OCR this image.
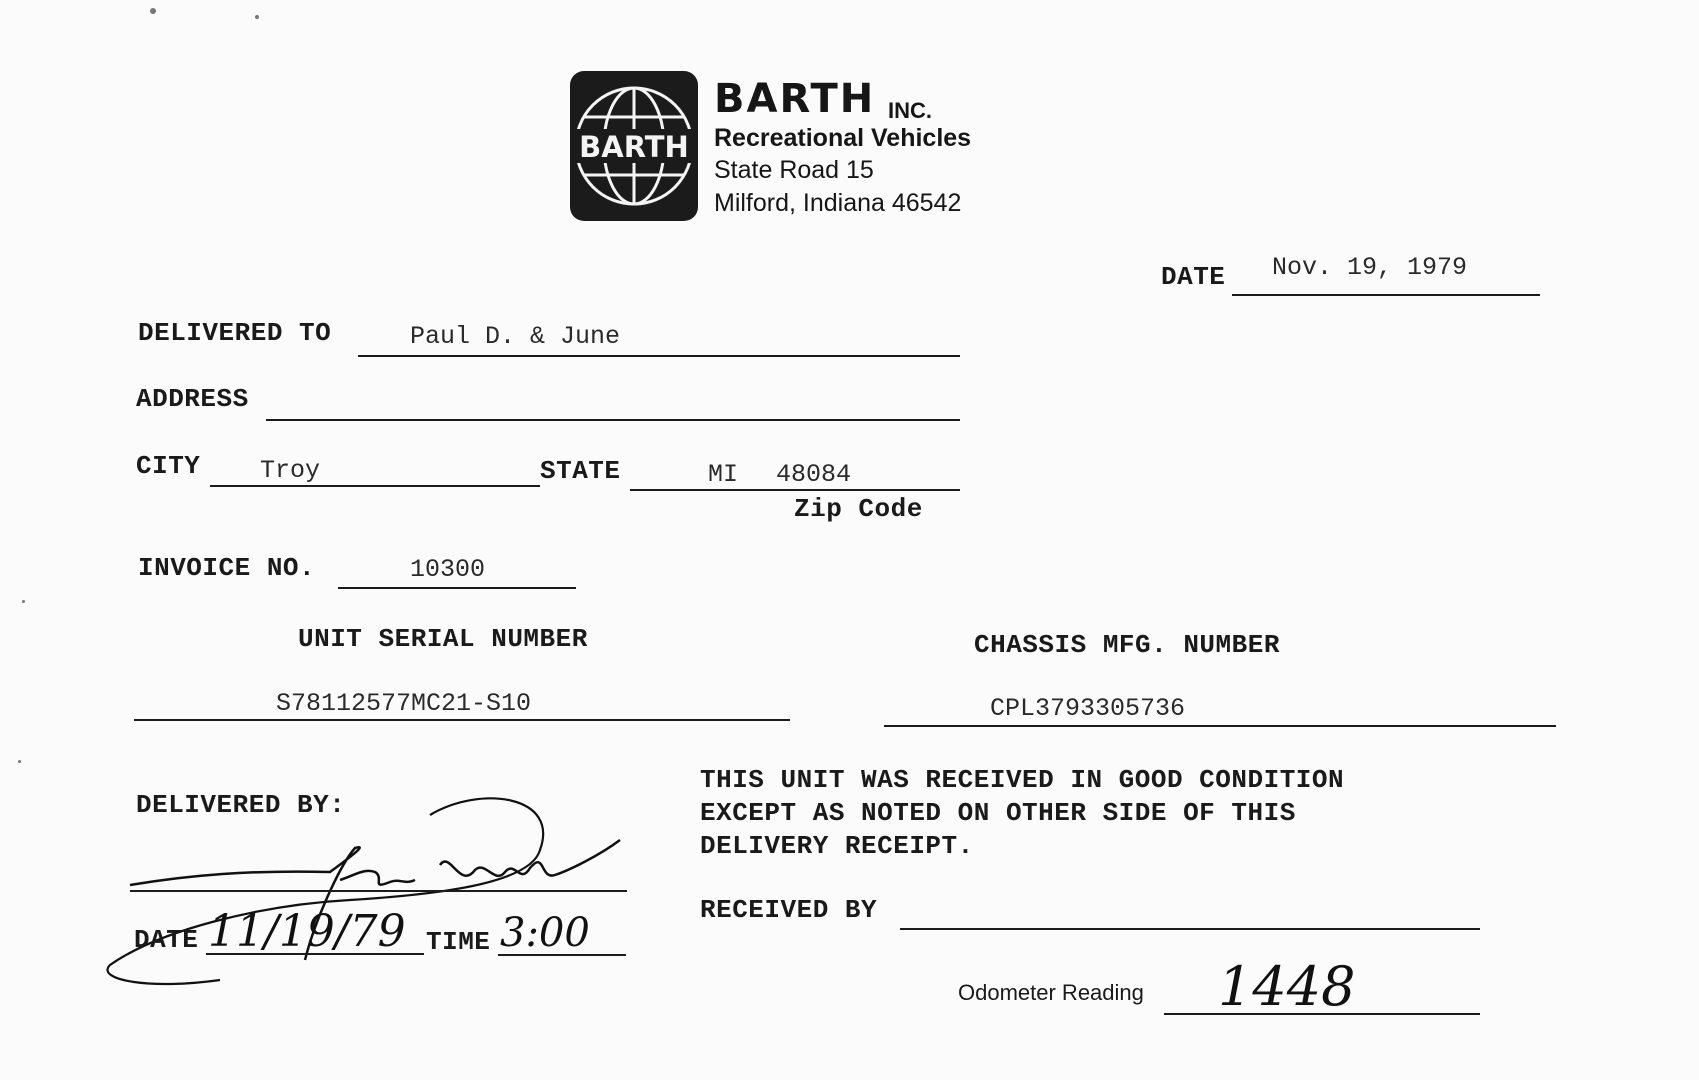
BARTH
BARTH INC.
Recreational Vehicles
State Road 15
Milford, Indiana 46542
DATE Nov. 19, 1979
DELIVERED TO	Paul D. & June
ADDRESS
CITY Troy	STATE	MI 48084
Zip Code
INVOICE NO.	10300
UNIT SERIAL NUMBER
S78112577MC21-S10
CHASSIS MFG. NUMBER
CPL3793305736
DELIVERED BY:
DATE 11/19/79 TIME 3:00
THIS UNIT WAS RECEIVED IN GOOD CONDITION
EXCEPT AS NOTED ON OTHER SIDE OF THIS
DELIVERY RECEIPT.
RECEIVED BY
Odometer Reading 1448
